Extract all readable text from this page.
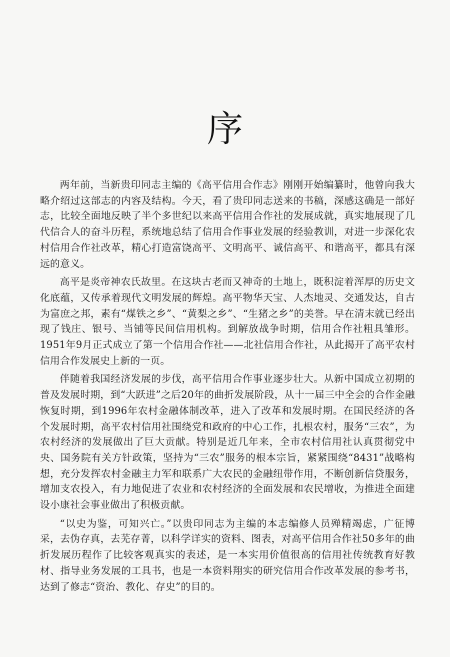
序

两年前，当新贵印同志主编的《高平信用合作志》刚刚开始编纂时，他曾向我大略介绍过这部志的内容及结构。今天，看了贵印同志送来的书稿，深感这确是一部好志，比较全面地反映了半个多世纪以来高平信用合作社的发展成就，真实地展现了几代信合人的奋斗历程，系统地总结了信用合作事业发展的经验教训，对进一步深化农村信用合作社改革，精心打造富饶高平、文明高平、诚信高平、和谐高平，都具有深远的意义。

高平是炎帝神农氏故里。在这块古老而又神奇的土地上，既积淀着浑厚的历史文化底蕴，又传承着现代文明发展的辉煌。高平物华天宝、人杰地灵、交通发达，自古为富庶之邦，素有“煤铁之乡”、“黄梨之乡”、“生猪之乡”的美誉。早在清末就已经出现了钱庄、银号、当铺等民间信用机构。到解放战争时期，信用合作社粗具雏形。1951年9月正式成立了第一个信用合作社——北社信用合作社，从此揭开了高平农村信用合作发展史上新的一页。

伴随着我国经济发展的步伐，高平信用合作事业逐步壮大。从新中国成立初期的普及发展时期，到“大跃进”之后20年的曲折发展阶段，从十一届三中全会的合作金融恢复时期，到1996年农村金融体制改革，进入了改革和发展时期。在国民经济的各个发展时期，高平农村信用社围绕党和政府的中心工作，扎根农村，服务“三农”，为农村经济的发展做出了巨大贡献。特别是近几年来，全市农村信用社认真贯彻党中央、国务院有关方针政策，坚持为“三农”服务的根本宗旨，紧紧围绕“8431”战略构想，充分发挥农村金融主力军和联系广大农民的金融纽带作用，不断创新信贷服务，增加支农投入，有力地促进了农业和农村经济的全面发展和农民增收，为推进全面建设小康社会事业做出了积极贡献。

“以史为鉴，可知兴亡。”以贵印同志为主编的本志编修人员殚精竭虑，广征博采，去伪存真，去芜存菁，以科学详实的资料、图表，对高平信用合作社50多年的曲折发展历程作了比较客观真实的表述，是一本实用价值很高的信用社传统教育好教材、指导业务发展的工具书，也是一本资料翔实的研究信用合作改革发展的参考书，达到了修志“资治、教化、存史”的目的。
